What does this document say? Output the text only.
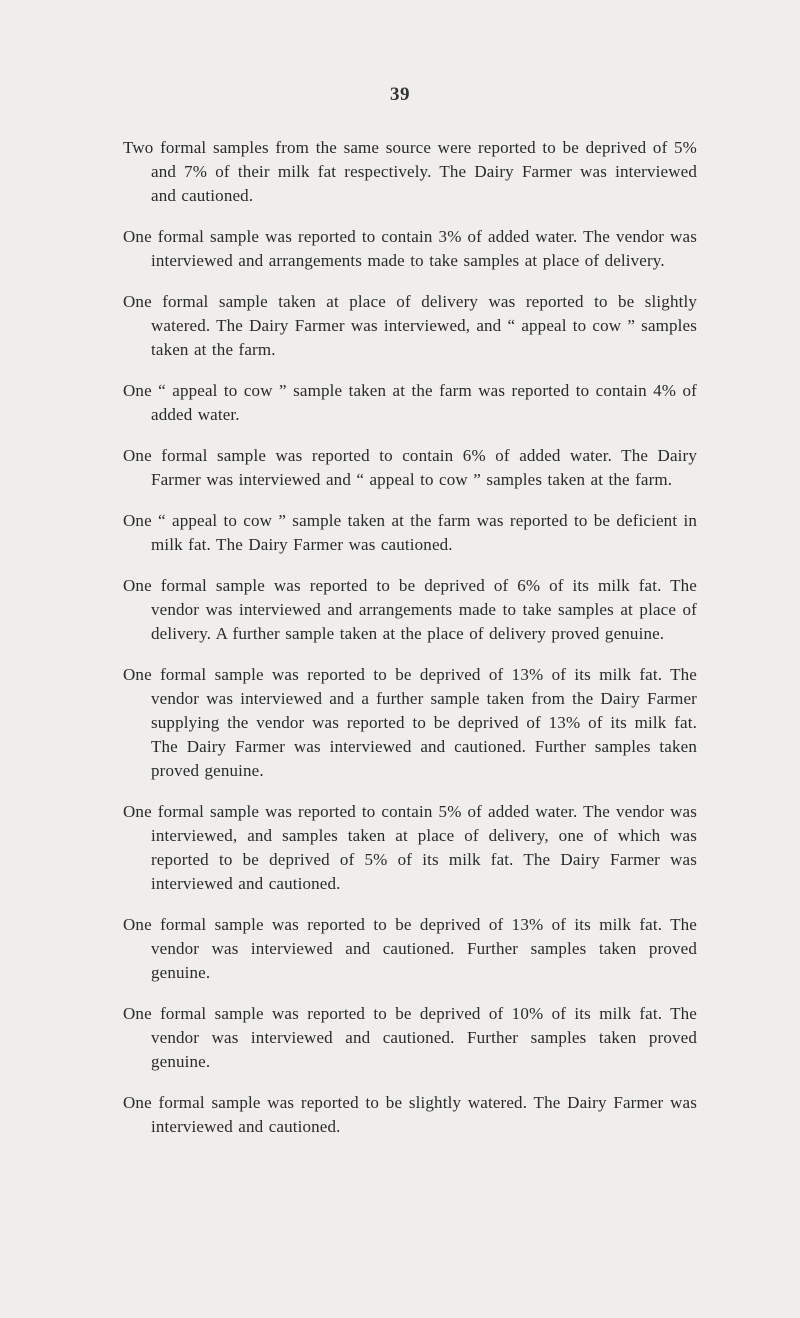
39

Two formal samples from the same source were reported to be deprived of 5% and 7% of their milk fat respectively. The Dairy Farmer was interviewed and cautioned.

One formal sample was reported to contain 3% of added water. The vendor was interviewed and arrangements made to take samples at place of delivery.

One formal sample taken at place of delivery was reported to be slightly watered. The Dairy Farmer was interviewed, and “ appeal to cow ” samples taken at the farm.

One “ appeal to cow ” sample taken at the farm was reported to contain 4% of added water.

One formal sample was reported to contain 6% of added water. The Dairy Farmer was interviewed and “ appeal to cow ” samples taken at the farm.

One “ appeal to cow ” sample taken at the farm was reported to be deficient in milk fat. The Dairy Farmer was cautioned.

One formal sample was reported to be deprived of 6% of its milk fat. The vendor was interviewed and arrangements made to take samples at place of delivery. A further sample taken at the place of delivery proved genuine.

One formal sample was reported to be deprived of 13% of its milk fat. The vendor was interviewed and a further sample taken from the Dairy Farmer supplying the vendor was reported to be deprived of 13% of its milk fat. The Dairy Farmer was interviewed and cautioned. Further samples taken proved genuine.

One formal sample was reported to contain 5% of added water. The vendor was interviewed, and samples taken at place of delivery, one of which was reported to be deprived of 5% of its milk fat. The Dairy Farmer was interviewed and cautioned.

One formal sample was reported to be deprived of 13% of its milk fat. The vendor was interviewed and cautioned. Further samples taken proved genuine.

One formal sample was reported to be deprived of 10% of its milk fat. The vendor was interviewed and cautioned. Further samples taken proved genuine.

One formal sample was reported to be slightly watered. The Dairy Farmer was interviewed and cautioned.
